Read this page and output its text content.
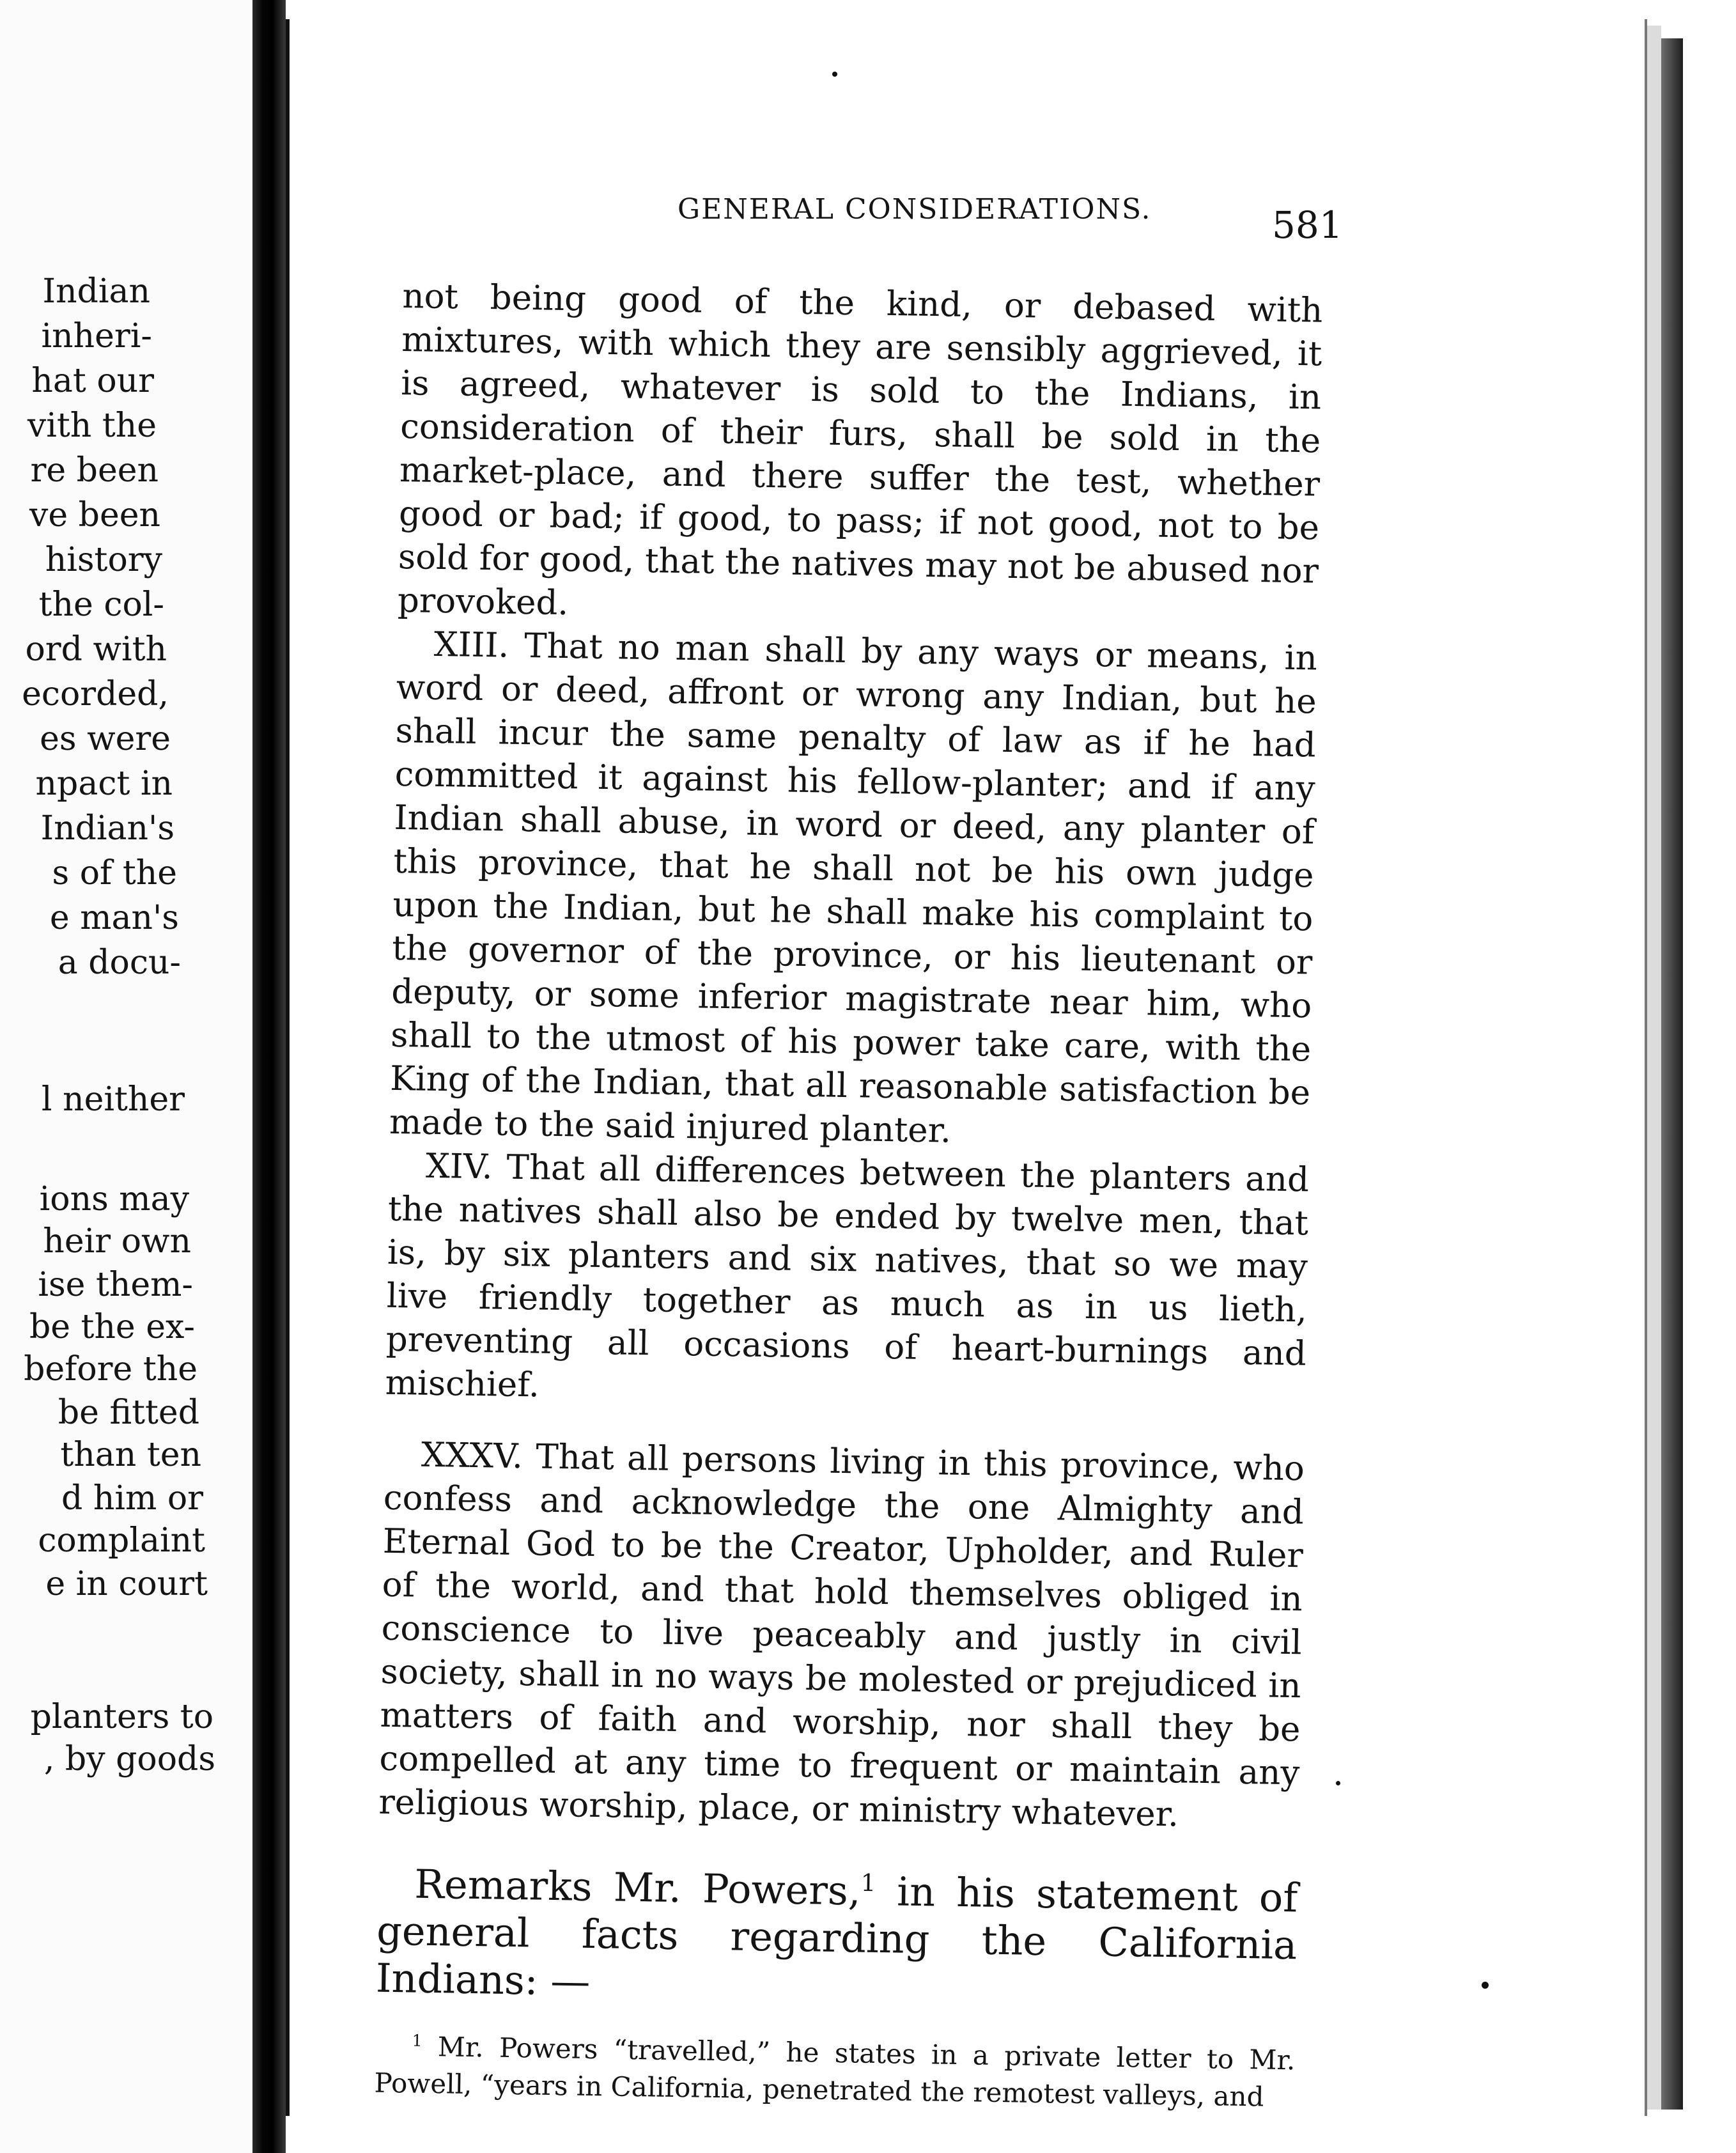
Indian
inheri-
hat our
vith the
re been
ve been
history
the col-
ord with
ecorded,
es were
npact in
Indian's
s of the
e man's
a docu-
l neither
ions may
heir own
ise them-
be the ex-
before the
be fitted
than ten
d him or
complaint
e in court
planters to
, by goods
GENERAL CONSIDERATIONS.	581

not being good of the kind, or debased with mixtures, with which they are sensibly aggrieved, it is agreed, whatever is sold to the Indians, in consideration of their furs, shall be sold in the market-place, and there suffer the test, whether good or bad; if good, to pass; if not good, not to be sold for good, that the natives may not be abused nor provoked.

XIII. That no man shall by any ways or means, in word or deed, affront or wrong any Indian, but he shall incur the same penalty of law as if he had committed it against his fellow-planter; and if any Indian shall abuse, in word or deed, any planter of this province, that he shall not be his own judge upon the Indian, but he shall make his complaint to the governor of the province, or his lieutenant or deputy, or some inferior magistrate near him, who shall to the utmost of his power take care, with the King of the Indian, that all reasonable satisfaction be made to the said injured planter.

XIV. That all differences between the planters and the natives shall also be ended by twelve men, that is, by six planters and six natives, that so we may live friendly together as much as in us lieth, preventing all occasions of heart-burnings and mischief.

XXXV. That all persons living in this province, who confess and acknowledge the one Almighty and Eternal God to be the Creator, Upholder, and Ruler of the world, and that hold themselves obliged in conscience to live peaceably and justly in civil society, shall in no ways be molested or prejudiced in matters of faith and worship, nor shall they be compelled at any time to frequent or maintain any religious worship, place, or ministry whatever.

Remarks Mr. Powers,$^1$ in his statement of general facts regarding the California Indians: —

$^1$ Mr. Powers “travelled,” he states in a private letter to Mr. Powell, “years in California, penetrated the remotest valleys, and
